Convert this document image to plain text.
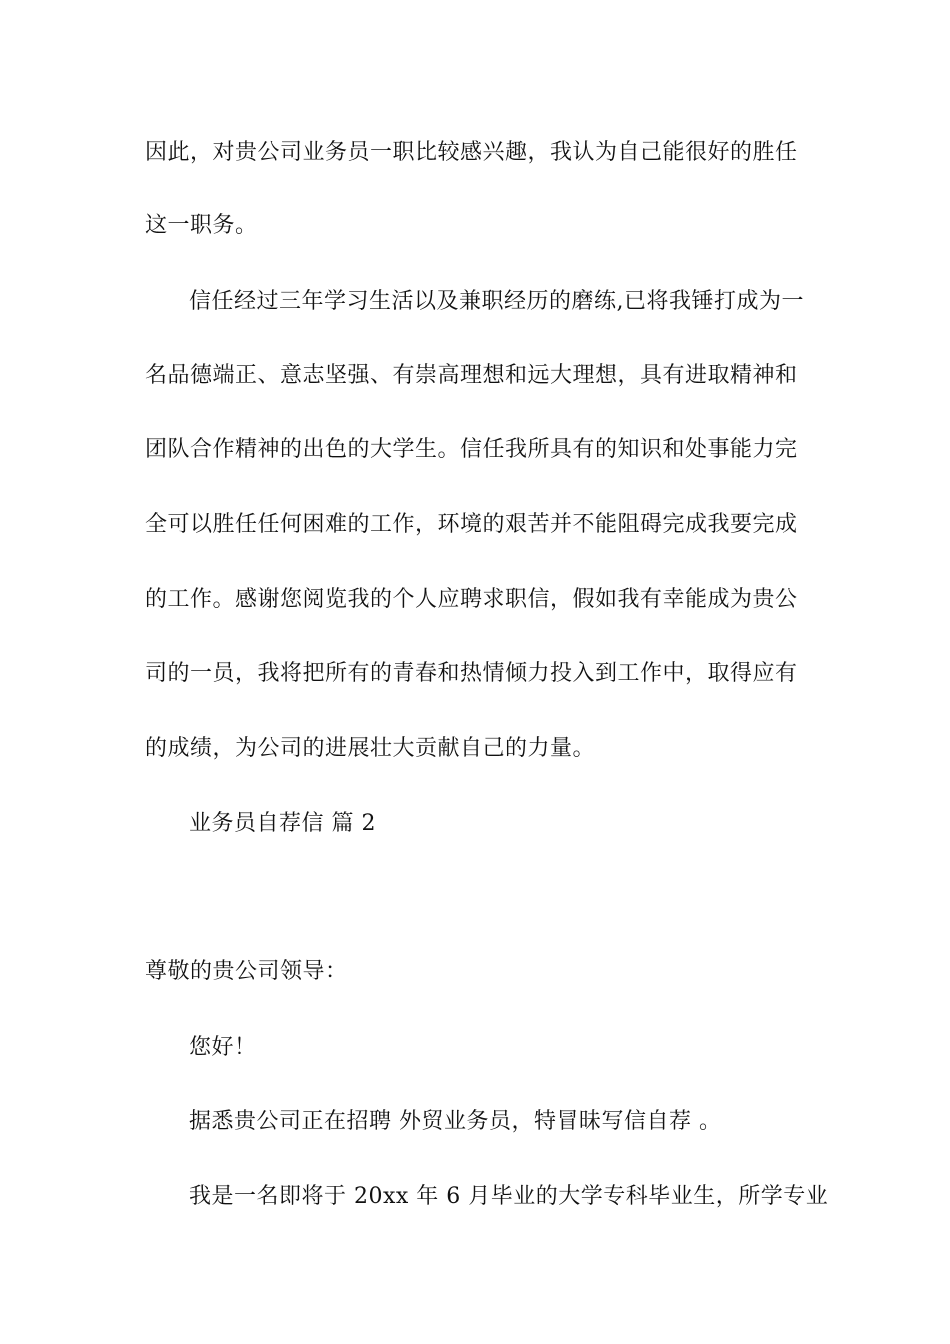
因此，对贵公司业务员一职比较感兴趣，我认为自己能很好的胜任
这一职务。
信任经过三年学习生活以及兼职经历的磨练,已将我锤打成为一
名品德端正、意志坚强、有崇高理想和远大理想，具有进取精神和
团队合作精神的出色的大学生。信任我所具有的知识和处事能力完
全可以胜任任何困难的工作，环境的艰苦并不能阻碍完成我要完成
的工作。感谢您阅览我的个人应聘求职信，假如我有幸能成为贵公
司的一员，我将把所有的青春和热情倾力投入到工作中，取得应有
的成绩，为公司的进展壮大贡献自己的力量。
业务员自荐信 篇 2
尊敬的贵公司领导：
您好！
据悉贵公司正在招聘 外贸业务员，特冒昧写信自荐 。
我是一名即将于 20xx 年 6 月毕业的大学专科毕业生，所学专业
